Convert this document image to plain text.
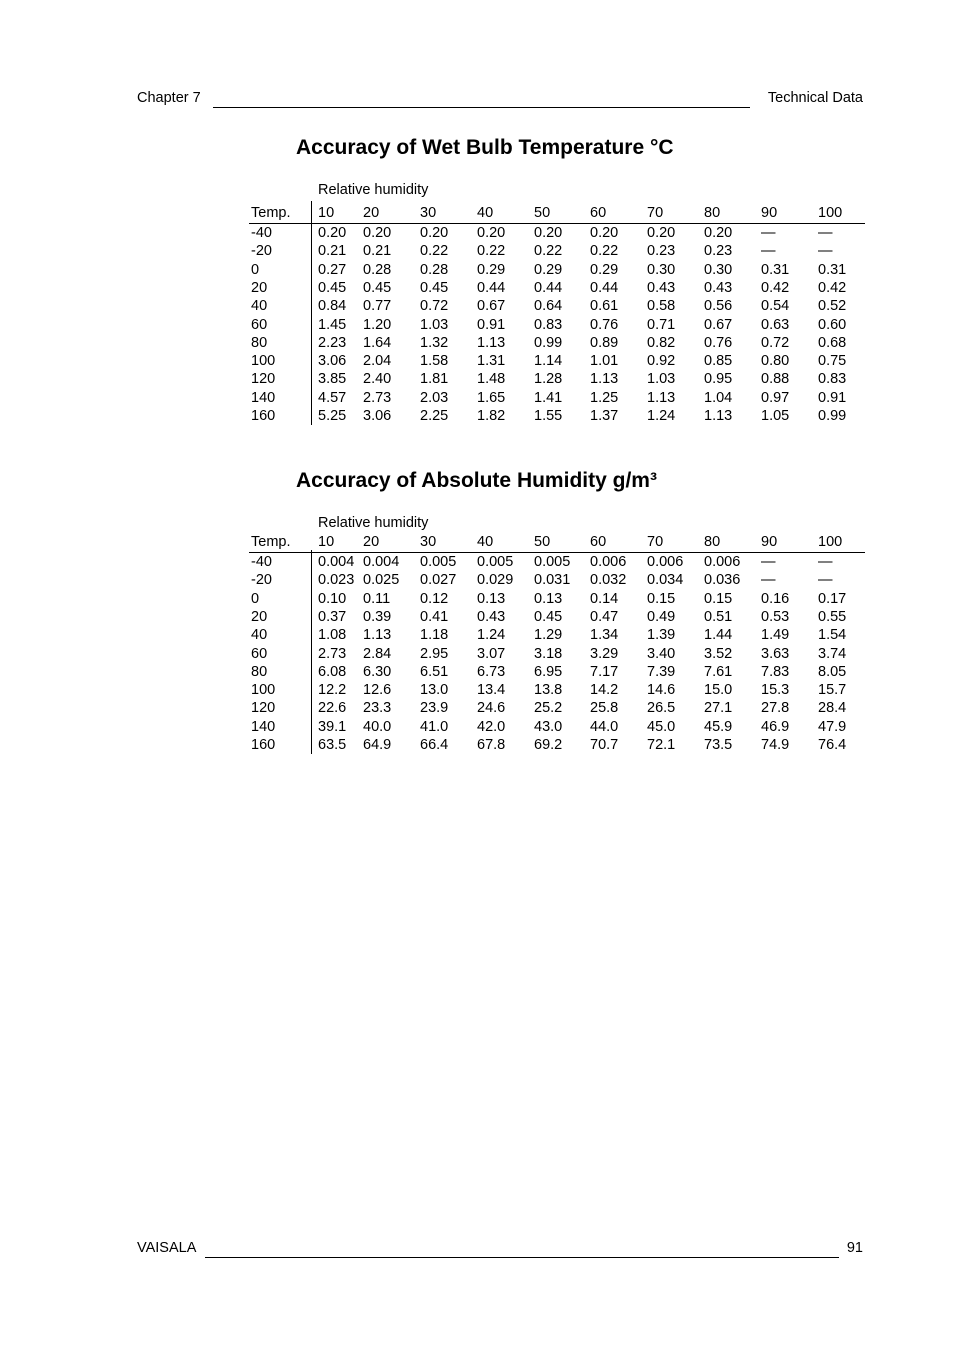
Chapter 7	Technical Data
Accuracy of Wet Bulb Temperature °C
Relative humidity
Temp. 10 20	30	40	50	60	70	80	90	100
-40	0.20 0.20 0.20 0.20 0.20 0.20 0.20 0.20 —	—
-20	0.21 0.21 0.22 0.22 0.22 0.22 0.23 0.23 —	—
0	0.27 0.28 0.28 0.29 0.29 0.29 0.30 0.30 0.31 0.31
20	0.45 0.45 0.45 0.44 0.44 0.44 0.43 0.43 0.42 0.42
40	0.84 0.77 0.72 0.67 0.64 0.61 0.58 0.56 0.54 0.52
60	1.45 1.20 1.03 0.91 0.83 0.76 0.71 0.67 0.63 0.60
80	2.23 1.64 1.32 1.13 0.99 0.89 0.82 0.76 0.72 0.68
100	3.06 2.04 1.58 1.31 1.14 1.01 0.92 0.85 0.80 0.75
120	3.85 2.40 1.81 1.48 1.28 1.13 1.03 0.95 0.88 0.83
140	4.57 2.73 2.03 1.65 1.41 1.25 1.13 1.04 0.97 0.91
160	5.25 3.06 2.25 1.82 1.55 1.37 1.24 1.13 1.05 0.99
Accuracy of Absolute Humidity g/m³
Relative humidity
Temp. 10 20	30	40	50	60	70	80	90	100
-40	0.004 0.004 0.005 0.005 0.005 0.006 0.006 0.006 —	—
-20	0.023 0.025 0.027 0.029 0.031 0.032 0.034 0.036 —	—
0	0.10 0.11 0.12 0.13 0.13 0.14 0.15 0.15 0.16 0.17
20	0.37 0.39 0.41 0.43 0.45 0.47 0.49 0.51 0.53 0.55
40	1.08 1.13 1.18 1.24 1.29 1.34 1.39 1.44 1.49 1.54
60	2.73 2.84 2.95 3.07 3.18 3.29 3.40 3.52 3.63 3.74
80	6.08 6.30 6.51 6.73 6.95 7.17 7.39 7.61 7.83 8.05
100	12.2 12.6 13.0 13.4 13.8 14.2 14.6 15.0 15.3 15.7
120	22.6 23.3 23.9 24.6 25.2 25.8 26.5 27.1 27.8 28.4
140	39.1 40.0 41.0 42.0 43.0 44.0 45.0 45.9 46.9 47.9
160	63.5 64.9 66.4 67.8 69.2 70.7 72.1 73.5 74.9 76.4
VAISALA	91
